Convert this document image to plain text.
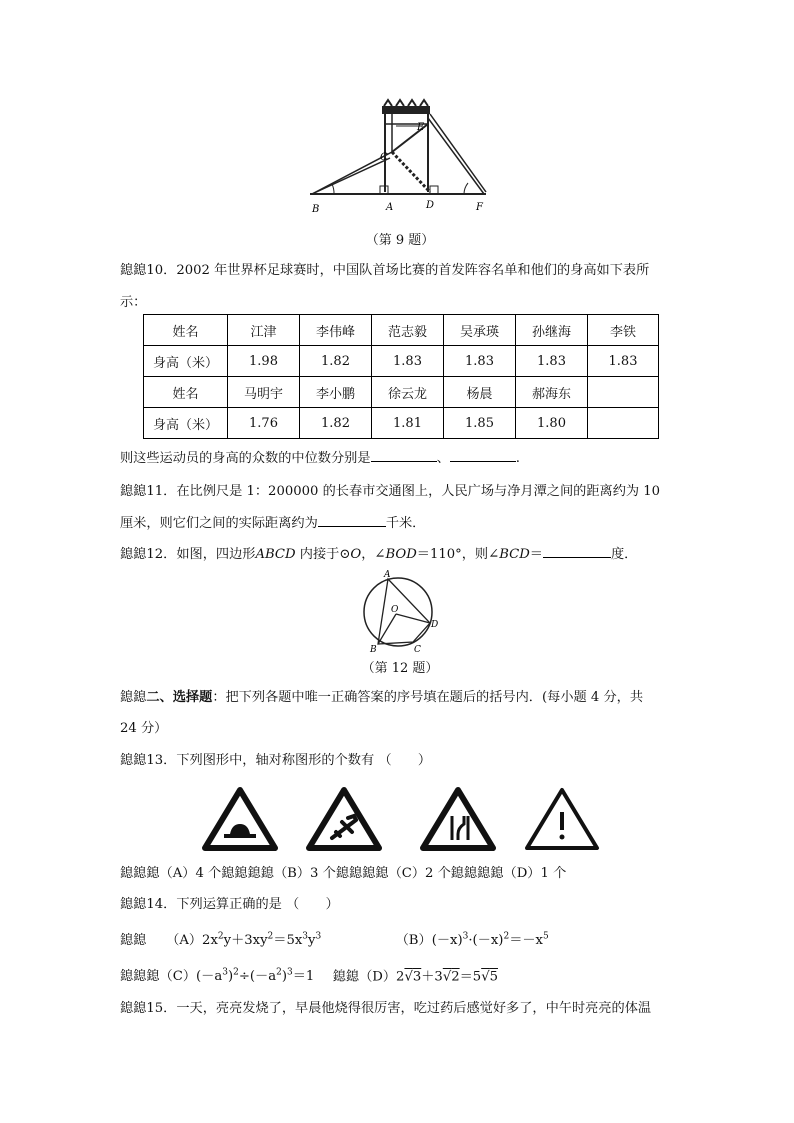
B	A	D	F
C
E
（第 9 题）
鎴鎴10．2002 年世界杯足球赛时，中国队首场比赛的首发阵容名单和他们的身高如下表所
示：
姓名	江津	李伟峰	范志毅	吴承瑛	孙继海	李铁
身高（米）	1.98	1.82	1.83	1.83	1.83	1.83
姓名	马明宇	李小鹏	徐云龙	杨晨	郝海东	
身高（米）	1.76	1.82	1.81	1.85	1.80	
则这些运动员的身高的众数的中位数分别是	、	.
鎴鎴11．在比例尺是 1：200000 的长春市交通图上，人民广场与净月潭之间的距离约为 10
厘米，则它们之间的实际距离约为	千米．
鎴鎴12．如图，四边形ABCD 内接于⊙O，∠BOD＝110°，则∠BCD＝	度．
A
O
D
C
B
（第 12 题）
鎴鎴二、选择题：把下列各题中唯一正确答案的序号填在题后的括号内．(每小题 4 分，共
24 分）
鎴鎴13．下列图形中，轴对称图形的个数有 （　　）
鎴鎴鎴（A）4 个鎴鎴鎴鎴（B）3 个鎴鎴鎴鎴（C）2 个鎴鎴鎴鎴（D）1 个
鎴鎴14．下列运算正确的是 （　　）
鎴鎴　　$(A)2x^2y+3xy^2=5x^3y^3$	$(B)(-x)^3\cdot(-x)^2=-x^5$
鎴鎴鎴$(C)(-a^3)^2\div(-a^2)^3=1$ 鎴鎴（D）2√3＋3√2＝5√5
鎴鎴15．一天，亮亮发烧了，早晨他烧得很厉害，吃过药后感觉好多了，中午时亮亮的体温
